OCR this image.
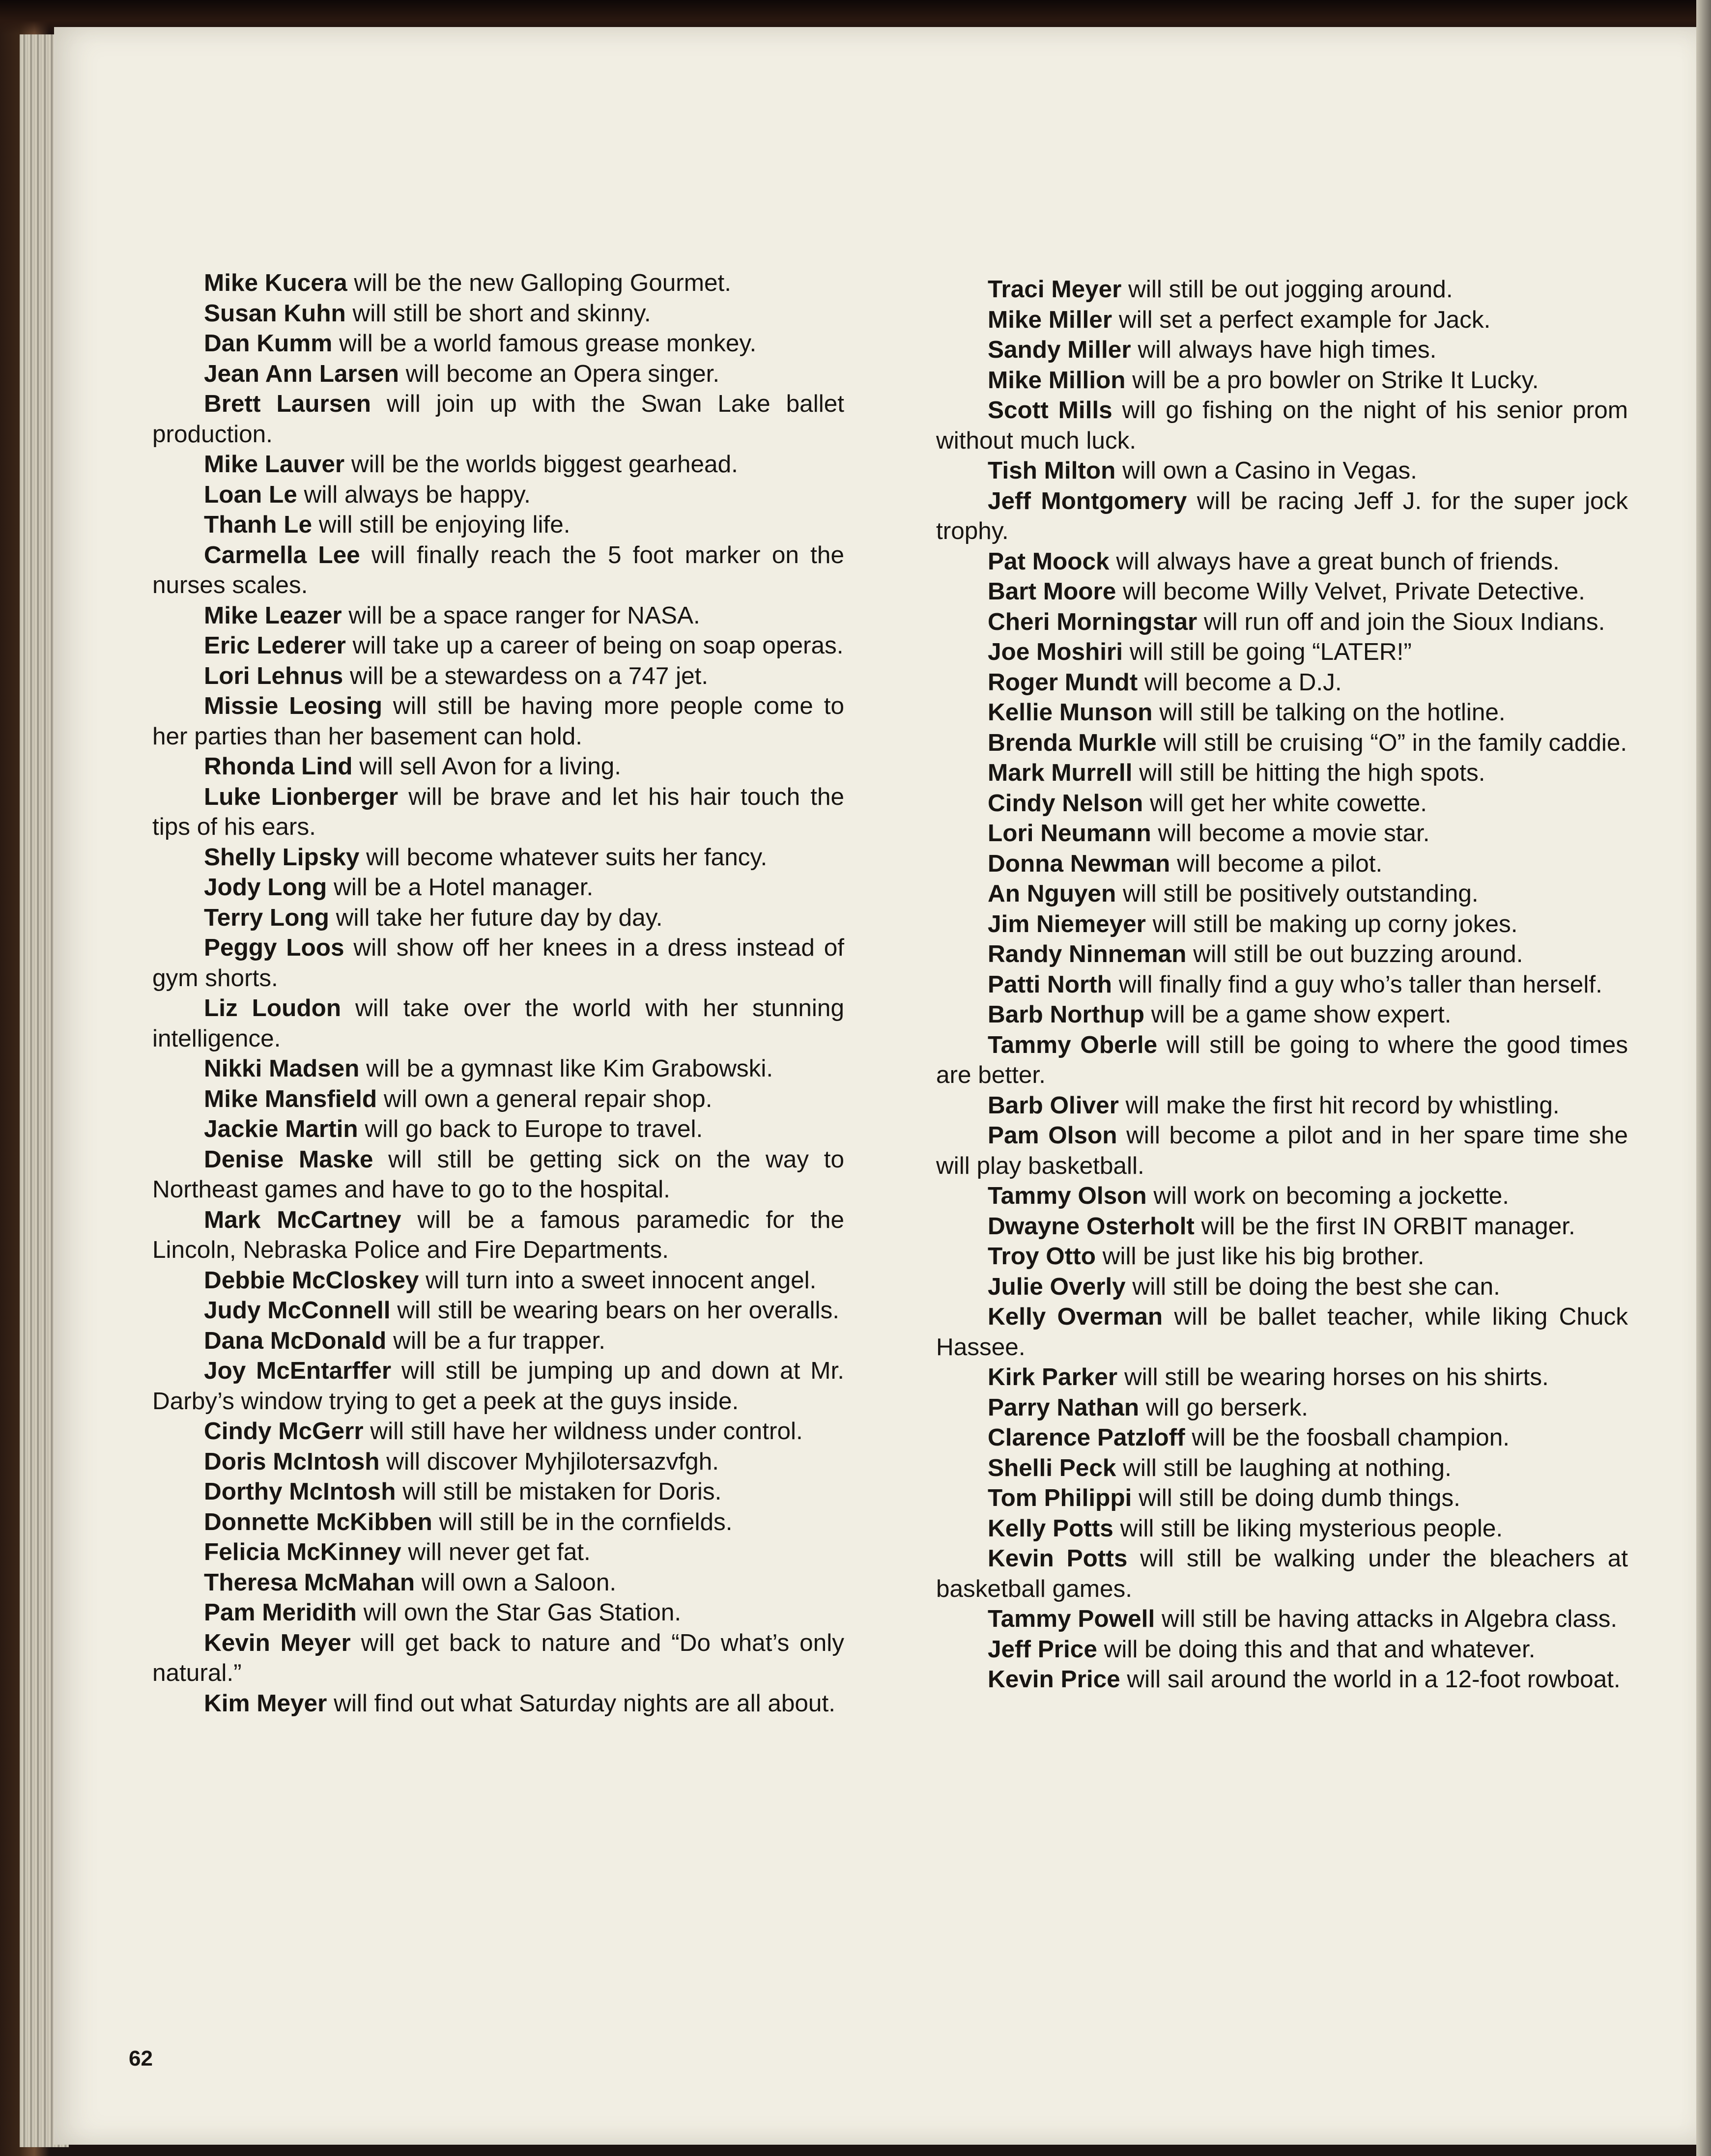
Mike Kucera will be the new Galloping Gourmet.

Susan Kuhn will still be short and skinny.

Dan Kumm will be a world famous grease monkey.

Jean Ann Larsen will become an Opera singer.

Brett Laursen will join up with the Swan Lake ballet production.

Mike Lauver will be the worlds biggest gearhead.

Loan Le will always be happy.

Thanh Le will still be enjoying life.

Carmella Lee will finally reach the 5 foot marker on the nurses scales.

Mike Leazer will be a space ranger for NASA.

Eric Lederer will take up a career of being on soap operas.

Lori Lehnus will be a stewardess on a 747 jet.

Missie Leosing will still be having more people come to her parties than her basement can hold.

Rhonda Lind will sell Avon for a living.

Luke Lionberger will be brave and let his hair touch the tips of his ears.

Shelly Lipsky will become whatever suits her fancy.

Jody Long will be a Hotel manager.

Terry Long will take her future day by day.

Peggy Loos will show off her knees in a dress instead of gym shorts.

Liz Loudon will take over the world with her stunning intelligence.

Nikki Madsen will be a gymnast like Kim Grabowski.

Mike Mansfield will own a general repair shop.

Jackie Martin will go back to Europe to travel.

Denise Maske will still be getting sick on the way to Northeast games and have to go to the hospital.

Mark McCartney will be a famous paramedic for the Lincoln, Nebraska Police and Fire Departments.

Debbie McCloskey will turn into a sweet innocent angel.

Judy McConnell will still be wearing bears on her overalls.

Dana McDonald will be a fur trapper.

Joy McEntarffer will still be jumping up and down at Mr. Darby’s window trying to get a peek at the guys inside.

Cindy McGerr will still have her wildness under control.

Doris McIntosh will discover Myhjilotersazvfgh.

Dorthy McIntosh will still be mistaken for Doris.

Donnette McKibben will still be in the cornfields.

Felicia McKinney will never get fat.

Theresa McMahan will own a Saloon.

Pam Meridith will own the Star Gas Station.

Kevin Meyer will get back to nature and “Do what’s only natural.”

Kim Meyer will find out what Saturday nights are all about.

Traci Meyer will still be out jogging around.

Mike Miller will set a perfect example for Jack.

Sandy Miller will always have high times.

Mike Million will be a pro bowler on Strike It Lucky.

Scott Mills will go fishing on the night of his senior prom without much luck.

Tish Milton will own a Casino in Vegas.

Jeff Montgomery will be racing Jeff J. for the super jock trophy.

Pat Moock will always have a great bunch of friends.

Bart Moore will become Willy Velvet, Private Detective.

Cheri Morningstar will run off and join the Sioux Indians.

Joe Moshiri will still be going “LATER!”

Roger Mundt will become a D.J.

Kellie Munson will still be talking on the hotline.

Brenda Murkle will still be cruising “O” in the family caddie.

Mark Murrell will still be hitting the high spots.

Cindy Nelson will get her white cowette.

Lori Neumann will become a movie star.

Donna Newman will become a pilot.

An Nguyen will still be positively outstanding.

Jim Niemeyer will still be making up corny jokes.

Randy Ninneman will still be out buzzing around.

Patti North will finally find a guy who’s taller than herself.

Barb Northup will be a game show expert.

Tammy Oberle will still be going to where the good times are better.

Barb Oliver will make the first hit record by whistling.

Pam Olson will become a pilot and in her spare time she will play basketball.

Tammy Olson will work on becoming a jockette.

Dwayne Osterholt will be the first IN ORBIT manager.

Troy Otto will be just like his big brother.

Julie Overly will still be doing the best she can.

Kelly Overman will be ballet teacher, while liking Chuck Hassee.

Kirk Parker will still be wearing horses on his shirts.

Parry Nathan will go berserk.

Clarence Patzloff will be the foosball champion.

Shelli Peck will still be laughing at nothing.

Tom Philippi will still be doing dumb things.

Kelly Potts will still be liking mysterious people.

Kevin Potts will still be walking under the bleachers at basketball games.

Tammy Powell will still be having attacks in Algebra class.

Jeff Price will be doing this and that and whatever.

Kevin Price will sail around the world in a 12-foot rowboat.

62
